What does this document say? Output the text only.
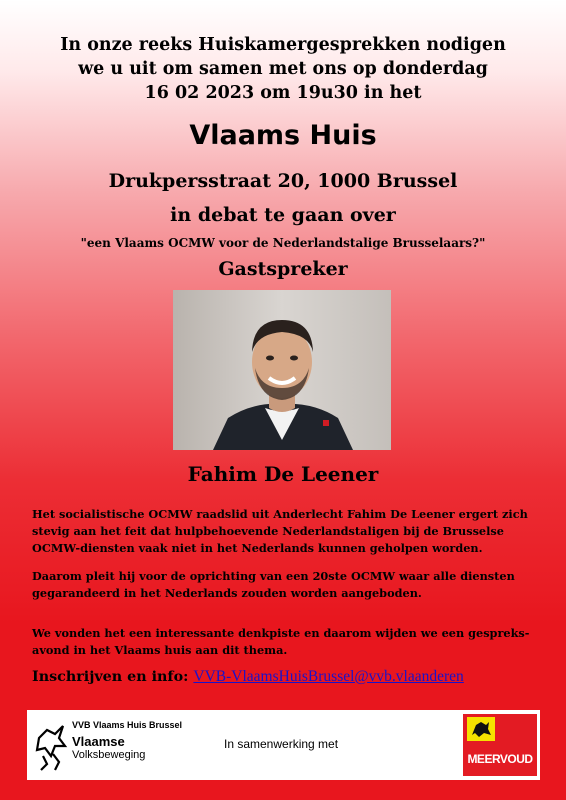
In onze reeks Huiskamergesprekken nodigen
we u uit om samen met ons op donderdag
16 02 2023 om 19u30 in het
Vlaams Huis
Drukpersstraat 20, 1000 Brussel
in debat te gaan over
"een Vlaams OCMW voor de Nederlandstalige Brusselaars?"
Gastspreker
Fahim De Leener
Het socialistische OCMW raadslid uit Anderlecht Fahim De Leener ergert zich stevig aan het feit dat hulpbehoevende Nederlandstaligen bij de Brusselse OCMW-diensten vaak niet in het Nederlands kunnen geholpen worden.
Daarom pleit hij voor de oprichting van een 20ste OCMW waar alle diensten gegarandeerd in het Nederlands zouden worden aangeboden.
We vonden het een interessante denkpiste en daarom wijden we een gespreks-avond in het Vlaams huis aan dit thema.
Inschrijven en info: VVB-VlaamsHuisBrussel@vvb.vlaanderen
VVB Vlaams Huis Brussel
Vlaamse
Volksbeweging
In samenwerking met
MEERVOUD
